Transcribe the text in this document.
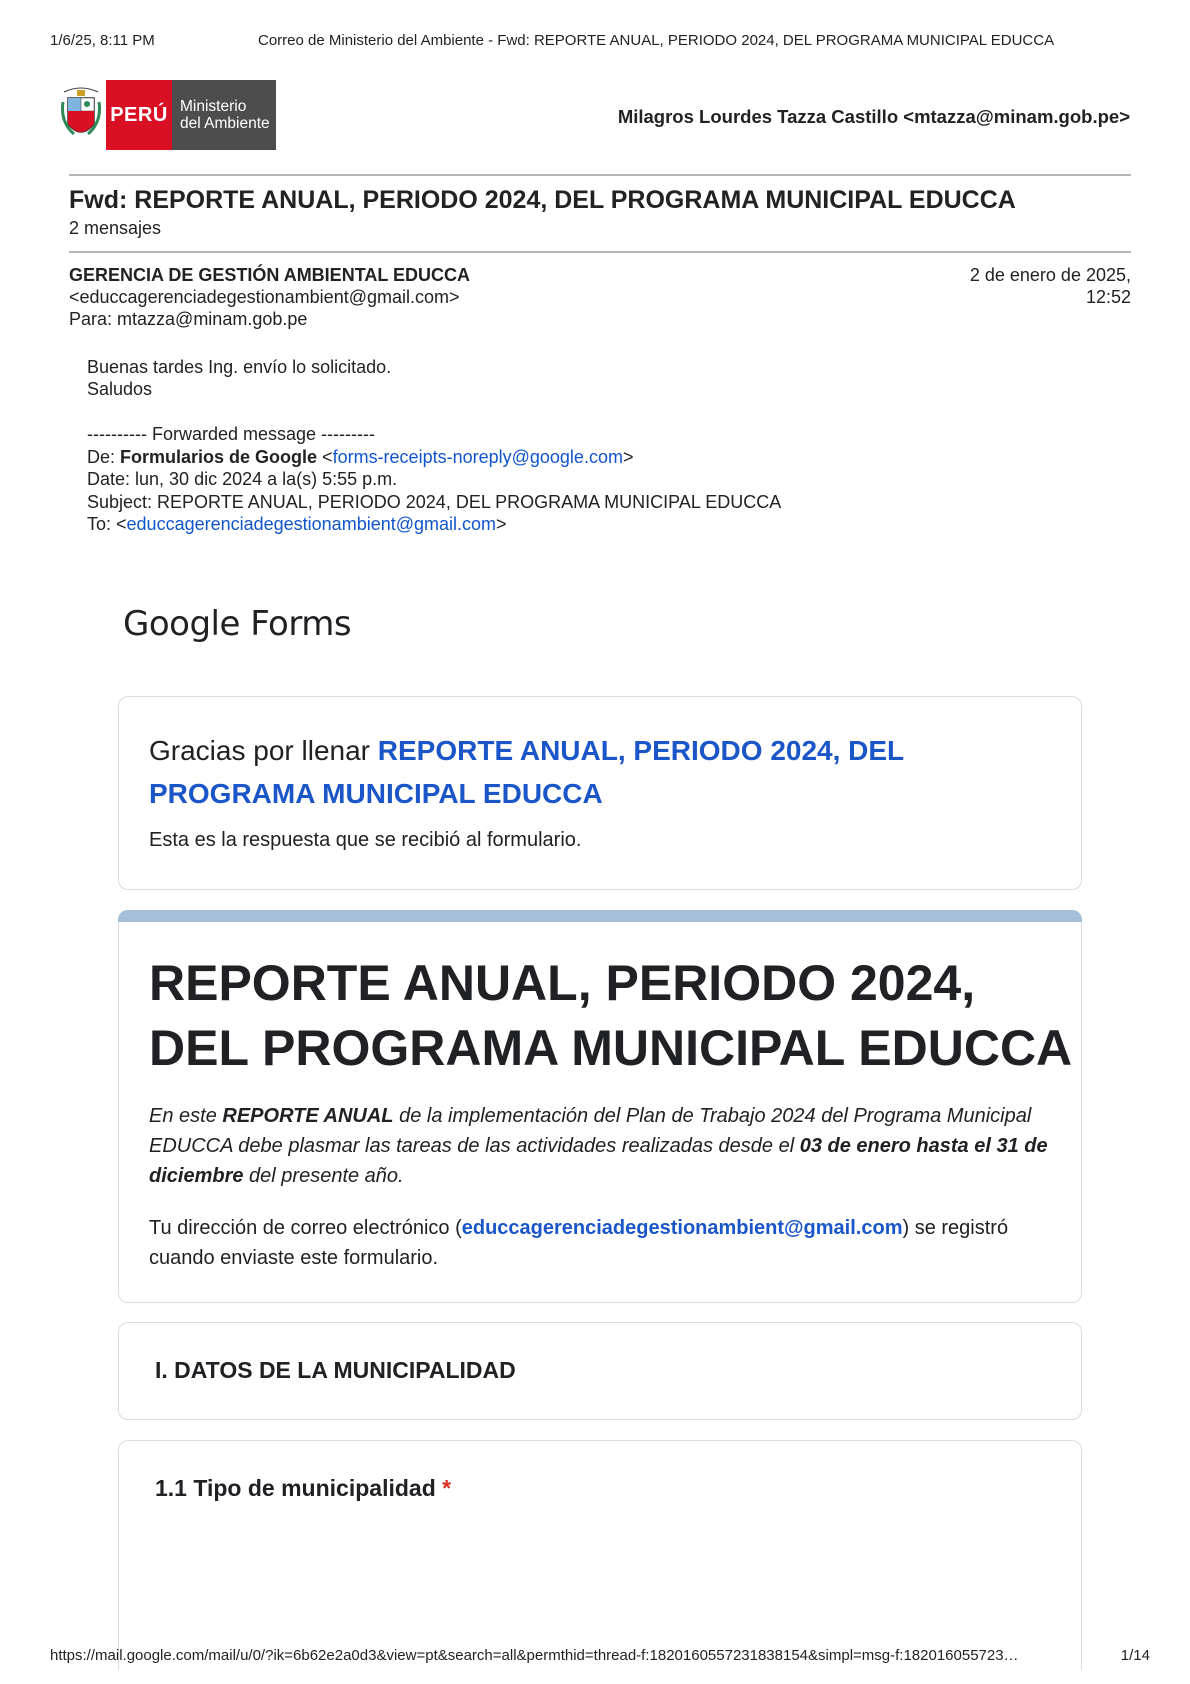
1/6/25, 8:11 PM	Correo de Ministerio del Ambiente - Fwd: REPORTE ANUAL, PERIODO 2024, DEL PROGRAMA MUNICIPAL EDUCCA
PERÚ Ministerio
del Ambiente	Milagros Lourdes Tazza Castillo <mtazza@minam.gob.pe>
Fwd: REPORTE ANUAL, PERIODO 2024, DEL PROGRAMA MUNICIPAL EDUCCA
2 mensajes
GERENCIA DE GESTIÓN AMBIENTAL EDUCCA
<educcagerenciadegestionambient@gmail.com>
Para: mtazza@minam.gob.pe
2 de enero de 2025,
12:52
Buenas tardes Ing. envío lo solicitado.
Saludos
---------- Forwarded message ---------
De: Formularios de Google <forms-receipts-noreply@google.com>
Date: lun, 30 dic 2024 a la(s) 5:55 p.m.
Subject: REPORTE ANUAL, PERIODO 2024, DEL PROGRAMA MUNICIPAL EDUCCA
To: <educcagerenciadegestionambient@gmail.com>
Google Forms
Gracias por llenar REPORTE ANUAL, PERIODO 2024, DEL PROGRAMA MUNICIPAL EDUCCA
Esta es la respuesta que se recibió al formulario.
REPORTE ANUAL, PERIODO 2024, DEL PROGRAMA MUNICIPAL EDUCCA
En este REPORTE ANUAL de la implementación del Plan de Trabajo 2024 del Programa Municipal EDUCCA debe plasmar las tareas de las actividades realizadas desde el 03 de enero hasta el 31 de diciembre del presente año.
Tu dirección de correo electrónico (educcagerenciadegestionambient@gmail.com) se registró cuando enviaste este formulario.
I. DATOS DE LA MUNICIPALIDAD
1.1 Tipo de municipalidad *
https://mail.google.com/mail/u/0/?ik=6b62e2a0d3&view=pt&search=all&permthid=thread-f:1820160557231838154&simpl=msg-f:182016055723…	1/14
